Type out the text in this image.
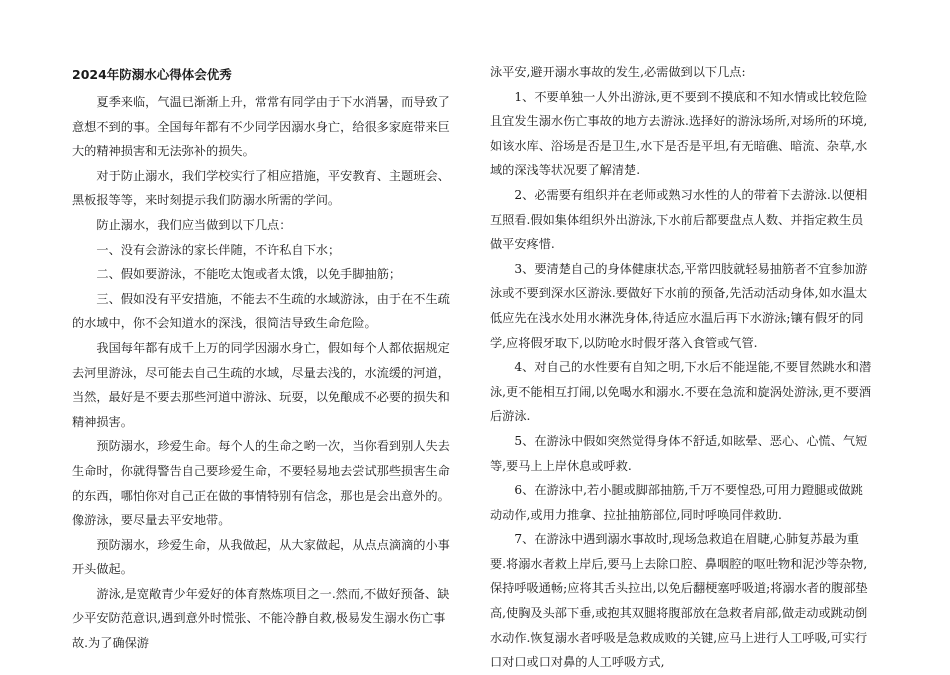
2024年防溺水心得体会优秀

夏季来临，气温已渐渐上升，常常有同学由于下水消暑，而导致了意想不到的事。全国每年都有不少同学因溺水身亡，给很多家庭带来巨大的精神损害和无法弥补的损失。

对于防止溺水，我们学校实行了相应措施，平安教育、主题班会、黑板报等等，来时刻提示我们防溺水所需的学问。

防止溺水，我们应当做到以下几点：

一、没有会游泳的家长伴随，不许私自下水；

二、假如要游泳，不能吃太饱或者太饿，以免手脚抽筋；

三、假如没有平安措施，不能去不生疏的水域游泳，由于在不生疏的水域中，你不会知道水的深浅，很简洁导致生命危险。

我国每年都有成千上万的同学因溺水身亡，假如每个人都依据规定去河里游泳，尽可能去自己生疏的水域，尽量去浅的，水流缓的河道，当然，最好是不要去那些河道中游泳、玩耍，以免酿成不必要的损失和精神损害。

预防溺水，珍爱生命。每个人的生命之哟一次，当你看到别人失去生命时，你就得警告自己要珍爱生命，不要轻易地去尝试那些损害生命的东西，哪怕你对自己正在做的事情特别有信念，那也是会出意外的。像游泳，要尽量去平安地带。

预防溺水，珍爱生命，从我做起，从大家做起，从点点滴滴的小事开头做起。

游泳,是宽敞青少年爱好的体育熬炼项目之一.然而,不做好预备、缺少平安防范意识,遇到意外时慌张、不能冷静自救,极易发生溺水伤亡事故.为了确保游

泳平安,避开溺水事故的发生,必需做到以下几点:

1、不要单独一人外出游泳,更不要到不摸底和不知水情或比较危险且宜发生溺水伤亡事故的地方去游泳.选择好的游泳场所,对场所的环境,如该水库、浴场是否是卫生,水下是否是平坦,有无暗礁、暗流、杂草,水域的深浅等状况要了解清楚.

2、必需要有组织并在老师或熟习水性的人的带着下去游泳.以便相互照看.假如集体组织外出游泳,下水前后都要盘点人数、并指定救生员做平安疼惜.

3、要清楚自己的身体健康状态,平常四肢就轻易抽筋者不宜参加游泳或不要到深水区游泳.要做好下水前的预备,先活动活动身体,如水温太低应先在浅水处用水淋洗身体,待适应水温后再下水游泳;镶有假牙的同学,应将假牙取下,以防呛水时假牙落入食管或气管.

4、对自己的水性要有自知之明,下水后不能逞能,不要冒然跳水和潜泳,更不能相互打闹,以免喝水和溺水.不要在急流和旋涡处游泳,更不要酒后游泳.

5、在游泳中假如突然觉得身体不舒适,如眩晕、恶心、心慌、气短等,要马上上岸休息或呼救.

6、在游泳中,若小腿或脚部抽筋,千万不要惶恐,可用力蹬腿或做跳动动作,或用力推拿、拉扯抽筋部位,同时呼唤同伴救助.

7、在游泳中遇到溺水事故时,现场急救追在眉睫,心肺复苏最为重要.将溺水者救上岸后,要马上去除口腔、鼻咽腔的呕吐物和泥沙等杂物,保持呼吸通畅;应将其舌头拉出,以免后翻梗塞呼吸道;将溺水者的腹部垫高,使胸及头部下垂,或抱其双腿将腹部放在急救者肩部,做走动或跳动倒水动作.恢复溺水者呼吸是急救成败的关键,应马上进行人工呼吸,可实行口对口或口对鼻的人工呼吸方式,
